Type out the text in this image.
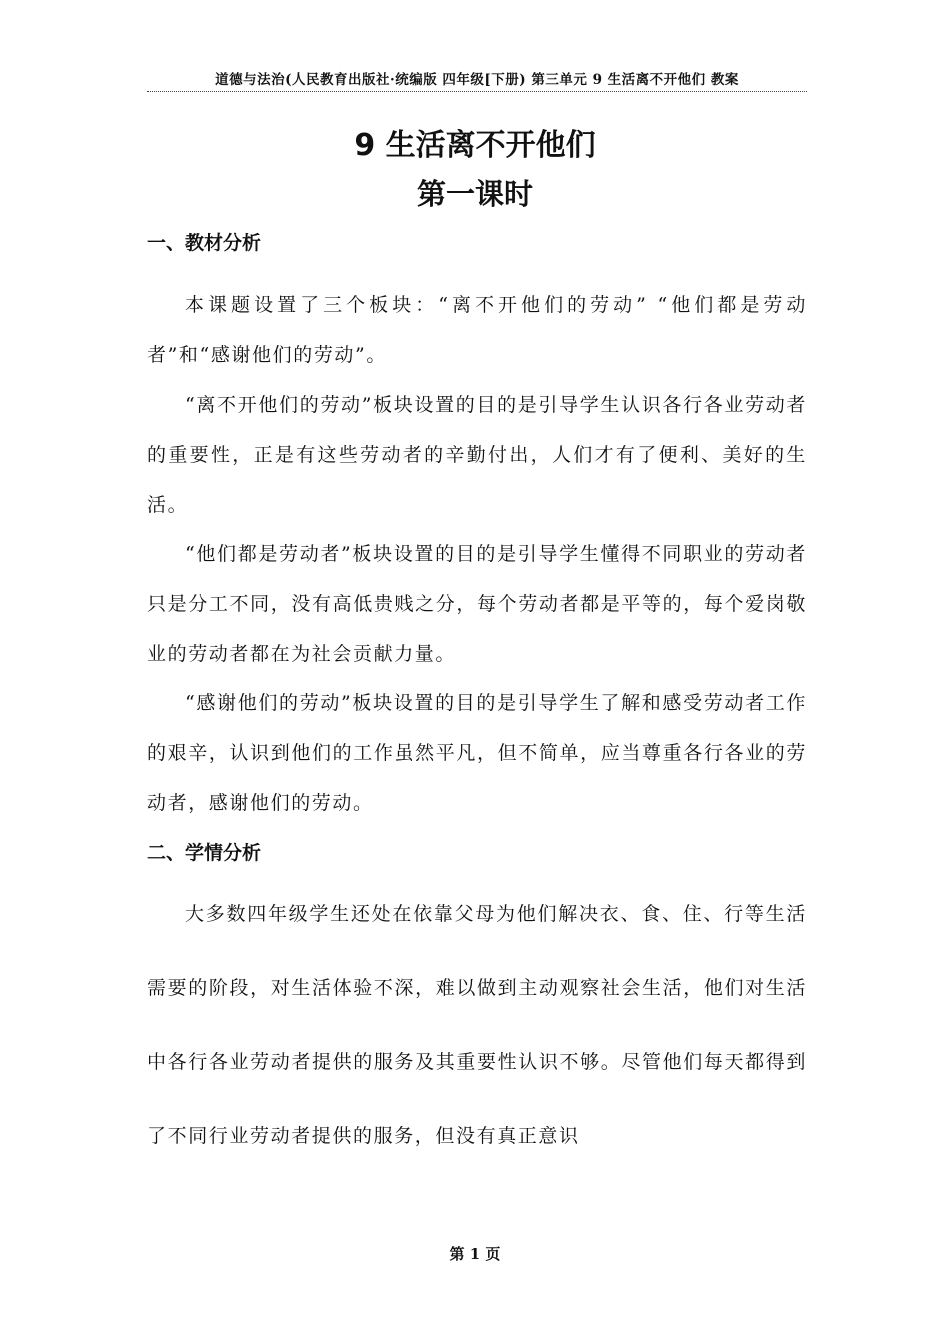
道德与法治(人民教育出版社·统编版 四年级[下册) 第三单元 9 生活离不开他们 教案
9 生活离不开他们
第一课时
一、教材分析

本课题设置了三个板块：“离不开他们的劳动” “他们都是劳动者”和“感谢他们的劳动”。

“离不开他们的劳动”板块设置的目的是引导学生认识各行各业劳动者的重要性，正是有这些劳动者的辛勤付出，人们才有了便利、美好的生活。

“他们都是劳动者”板块设置的目的是引导学生懂得不同职业的劳动者只是分工不同，没有高低贵贱之分，每个劳动者都是平等的，每个爱岗敬业的劳动者都在为社会贡献力量。

“感谢他们的劳动”板块设置的目的是引导学生了解和感受劳动者工作的艰辛，认识到他们的工作虽然平凡，但不简单，应当尊重各行各业的劳动者，感谢他们的劳动。

二、学情分析

大多数四年级学生还处在依靠父母为他们解决衣、食、住、行等生活需要的阶段，对生活体验不深，难以做到主动观察社会生活，他们对生活中各行各业劳动者提供的服务及其重要性认识不够。尽管他们每天都得到了不同行业劳动者提供的服务，但没有真正意识

第 1 页
